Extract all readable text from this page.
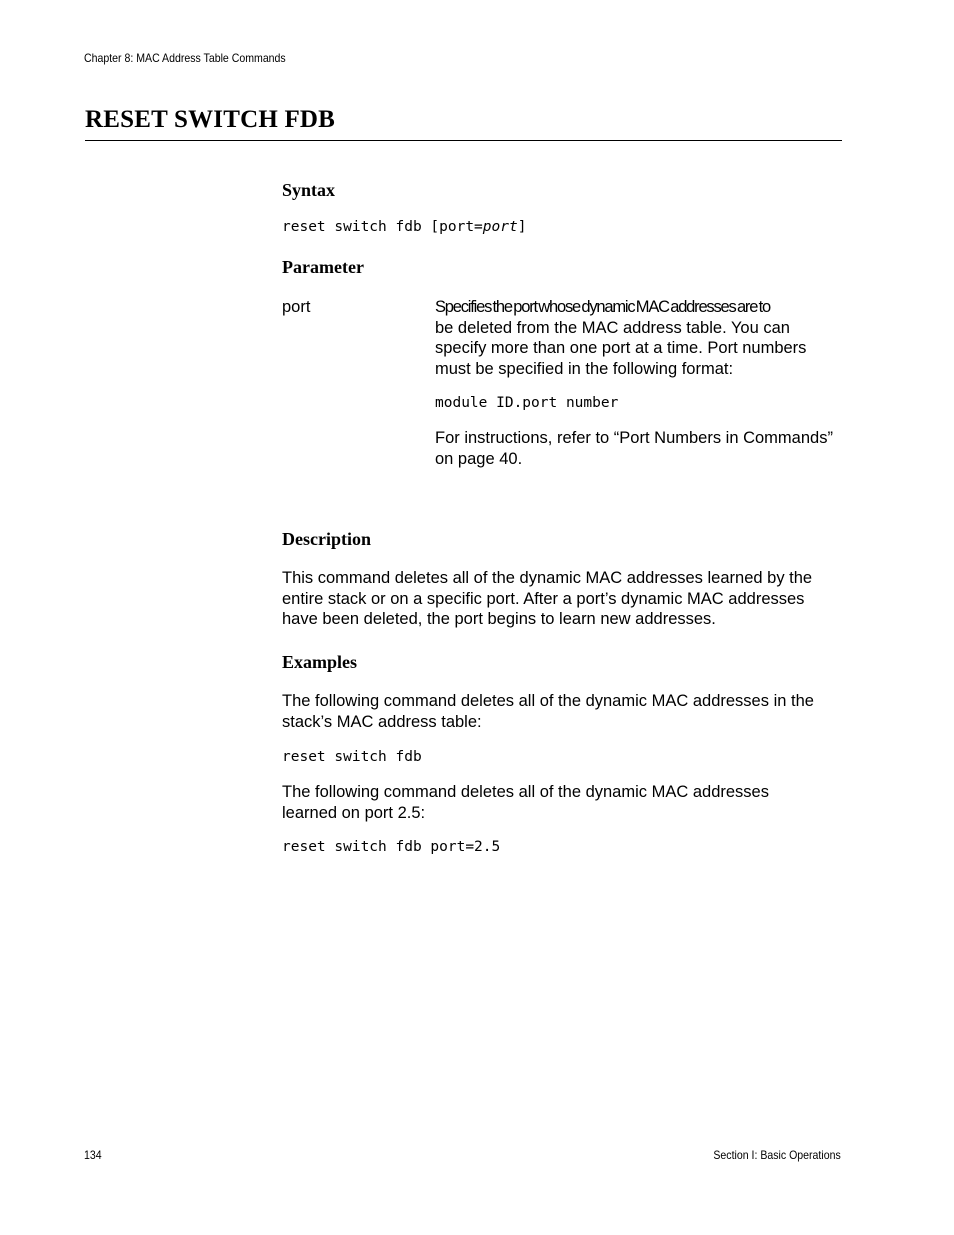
Chapter 8: MAC Address Table Commands
RESET SWITCH FDB
Syntax
reset switch fdb [port=port]
Parameter
port	Specifies the port whose dynamic MAC addresses are to
be deleted from the MAC address table. You can specify more than one port at a time. Port numbers must be specified in the following format:
module ID.port number
For instructions, refer to “Port Numbers in Commands” on page 40.
Description
This command deletes all of the dynamic MAC addresses learned by the entire stack or on a specific port. After a port’s dynamic MAC addresses have been deleted, the port begins to learn new addresses.
Examples
The following command deletes all of the dynamic MAC addresses in the stack’s MAC address table:
reset switch fdb
The following command deletes all of the dynamic MAC addresses learned on port 2.5:
reset switch fdb port=2.5
134	Section I: Basic Operations
